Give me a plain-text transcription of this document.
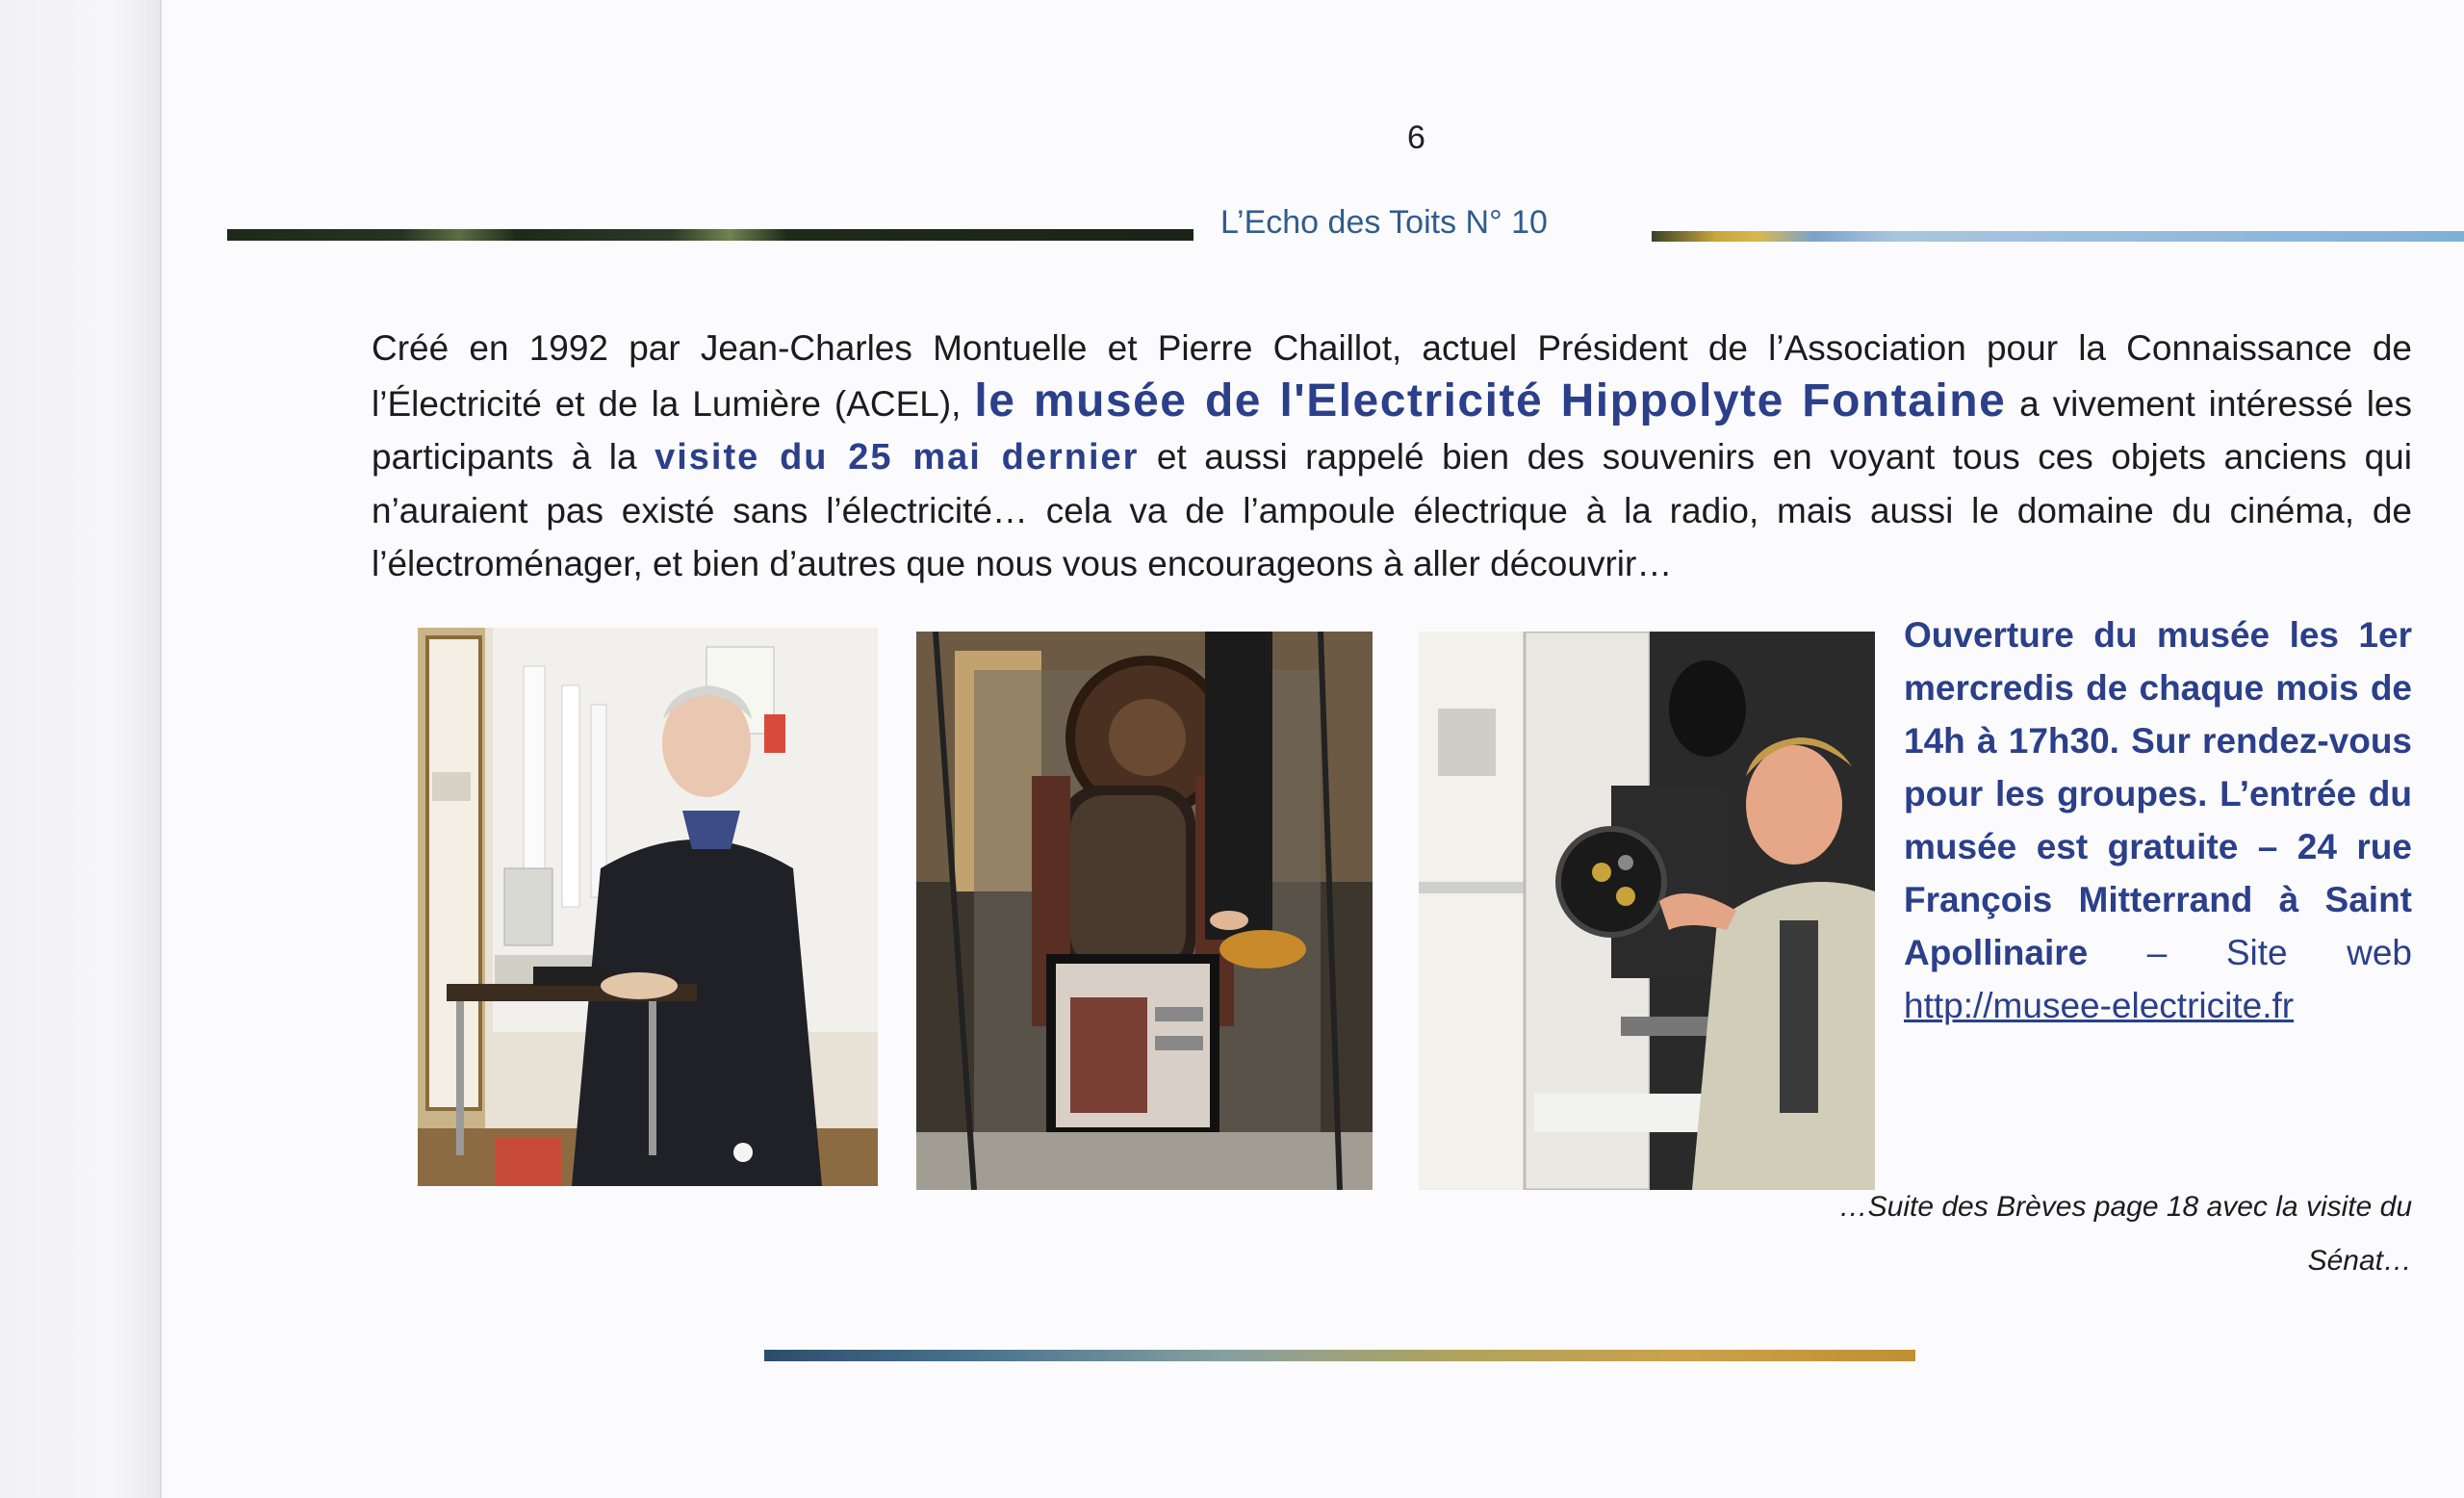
6
L’Echo des Toits N° 10

Créé en 1992 par Jean-Charles Montuelle et Pierre Chaillot, actuel Président de l’Association pour la Connaissance de l’Électricité et de la Lumière (ACEL), le musée de l'Electricité Hippolyte Fontaine a vivement intéressé les participants à la visite du 25 mai dernier et aussi rappelé bien des souvenirs en voyant tous ces objets anciens qui n’auraient pas existé sans l’électricité… cela va de l’ampoule électrique à la radio, mais aussi le domaine du cinéma, de l’électroménager, et bien d’autres que nous vous encourageons à aller découvrir…

Ouverture du musée les 1er mercredis de chaque mois de 14h à 17h30. Sur rendez-vous pour les groupes. L’entrée du musée est gratuite – 24 rue François Mitterrand à Saint Apollinaire – Site web http://musee-electricite.fr
…Suite des Brèves page 18 avec la visite du Sénat…
